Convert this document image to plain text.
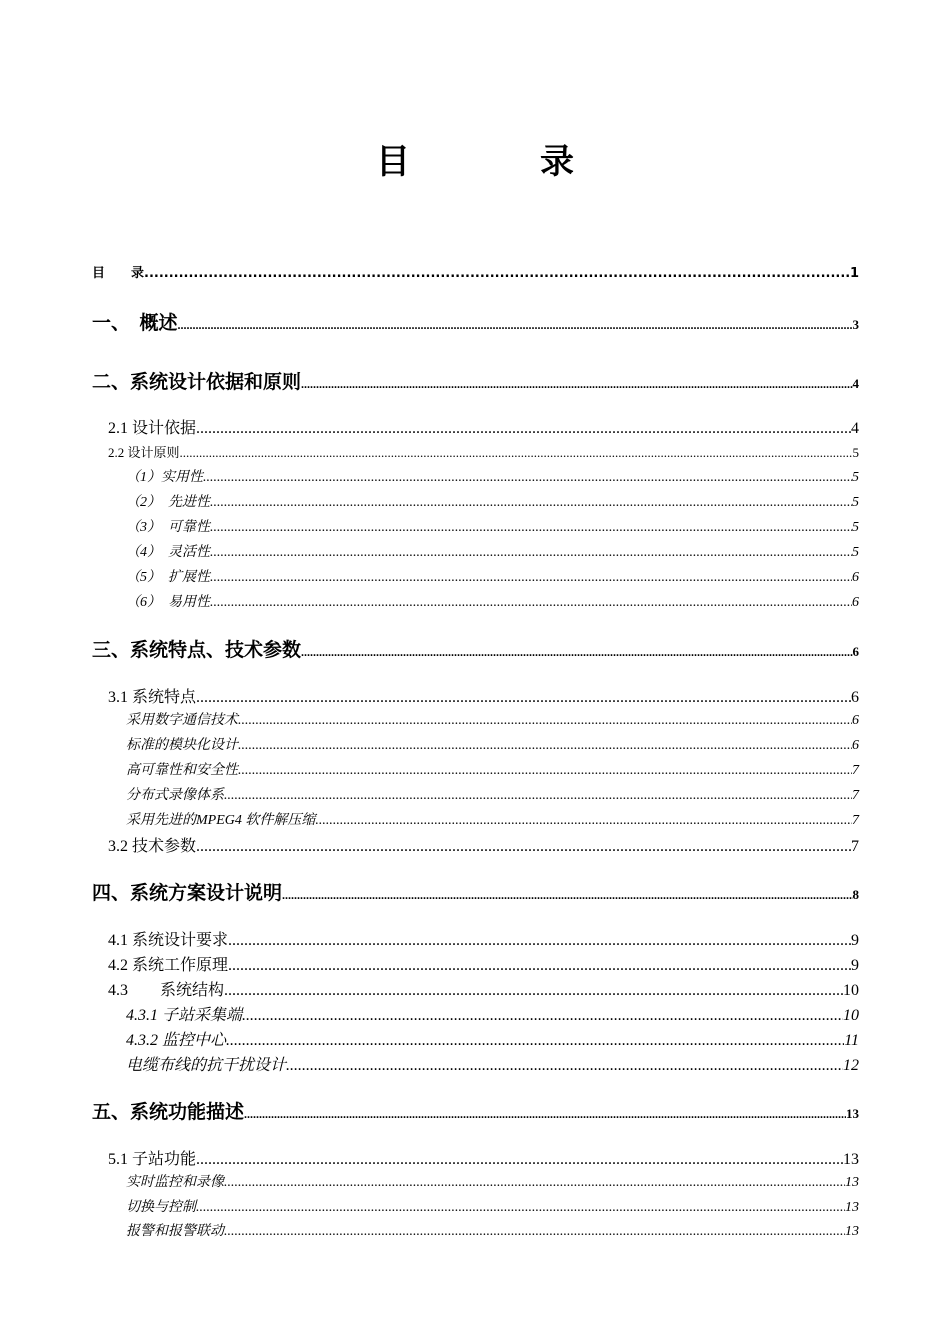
目　录
目　　录 .....	1
一、　概述 .....	3
二、系统设计依据和原则 .....	4
2.1 设计依据 .....	4
2.2 设计原则 .....	5
（1）实用性 .....	5
（2）　先进性 .....	5
（3）　可靠性 .....	5
（4）　灵活性 .....	5
（5）　扩展性 .....	6
（6）　易用性 .....	6
三、系统特点、技术参数 .....	6
3.1 系统特点 .....	6
采用数字通信技术 .....	6
标准的模块化设计 .....	6
高可靠性和安全性 .....	7
分布式录像体系 .....	7
采用先进的MPEG4 软件解压缩 .....	7
3.2 技术参数 .....	7
四、系统方案设计说明 .....	8
4.1 系统设计要求 .....	9
4.2 系统工作原理 .....	9
4.3　　系统结构 .....	10
4.3.1 子站采集端 .....	10
4.3.2 监控中心 .....	11
电缆布线的抗干扰设计 .....	12
五、系统功能描述 .....	13
5.1 子站功能 .....	13
实时监控和录像 .....	13
切换与控制 .....	13
报警和报警联动 .....	13
